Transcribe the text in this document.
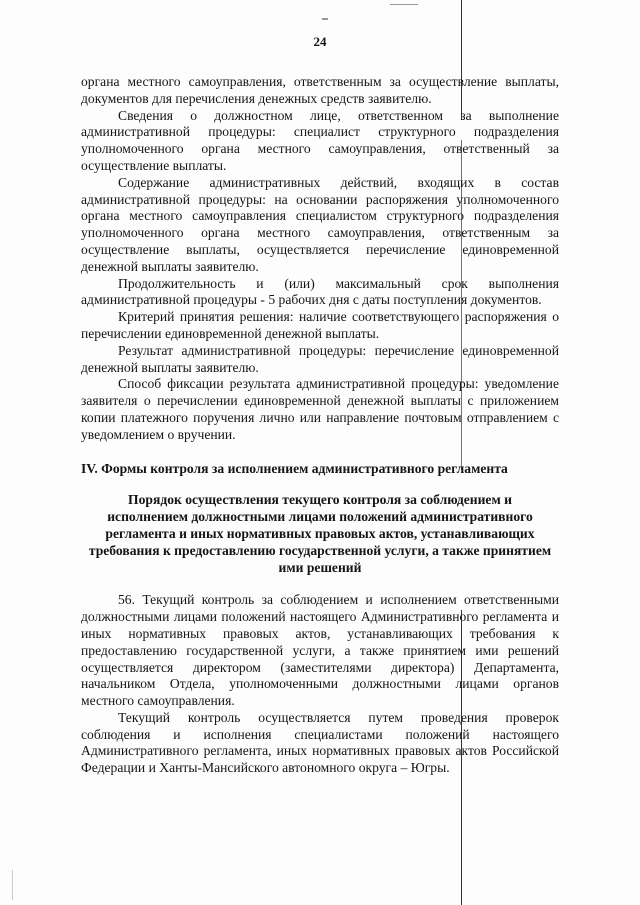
24

органа местного самоуправления, ответственным за осуществление выплаты, документов для перечисления денежных средств заявителю.

Сведения о должностном лице, ответственном за выполнение административной процедуры: специалист структурного подразделения уполномоченного органа местного самоуправления, ответственный за осуществление выплаты.

Содержание административных действий, входящих в состав административной процедуры: на основании распоряжения уполномоченного органа местного самоуправления специалистом структурного подразделения уполномоченного органа местного самоуправления, ответственным за осуществление выплаты, осуществляется перечисление единовременной денежной выплаты заявителю.

Продолжительность и (или) максимальный срок выполнения административной процедуры - 5 рабочих дня с даты поступления документов.

Критерий принятия решения: наличие соответствующего распоряжения о перечислении единовременной денежной выплаты.

Результат административной процедуры: перечисление единовременной денежной выплаты заявителю.

Способ фиксации результата административной процедуры: уведомление заявителя о перечислении единовременной денежной выплаты с приложением копии платежного поручения лично или направление почтовым отправлением с уведомлением о вручении.

IV. Формы контроля за исполнением административного регламента

Порядок осуществления текущего контроля за соблюдением и исполнением должностными лицами положений административного регламента и иных нормативных правовых актов, устанавливающих требования к предоставлению государственной услуги, а также принятием ими решений

56. Текущий контроль за соблюдением и исполнением ответственными должностными лицами положений настоящего Административного регламента и иных нормативных правовых актов, устанавливающих требования к предоставлению государственной услуги, а также принятием ими решений осуществляется директором (заместителями директора) Департамента, начальником Отдела, уполномоченными должностными лицами органов местного самоуправления.

Текущий контроль осуществляется путем проведения проверок соблюдения и исполнения специалистами положений настоящего Административного регламента, иных нормативных правовых актов Российской Федерации и Ханты-Мансийского автономного округа – Югры.
